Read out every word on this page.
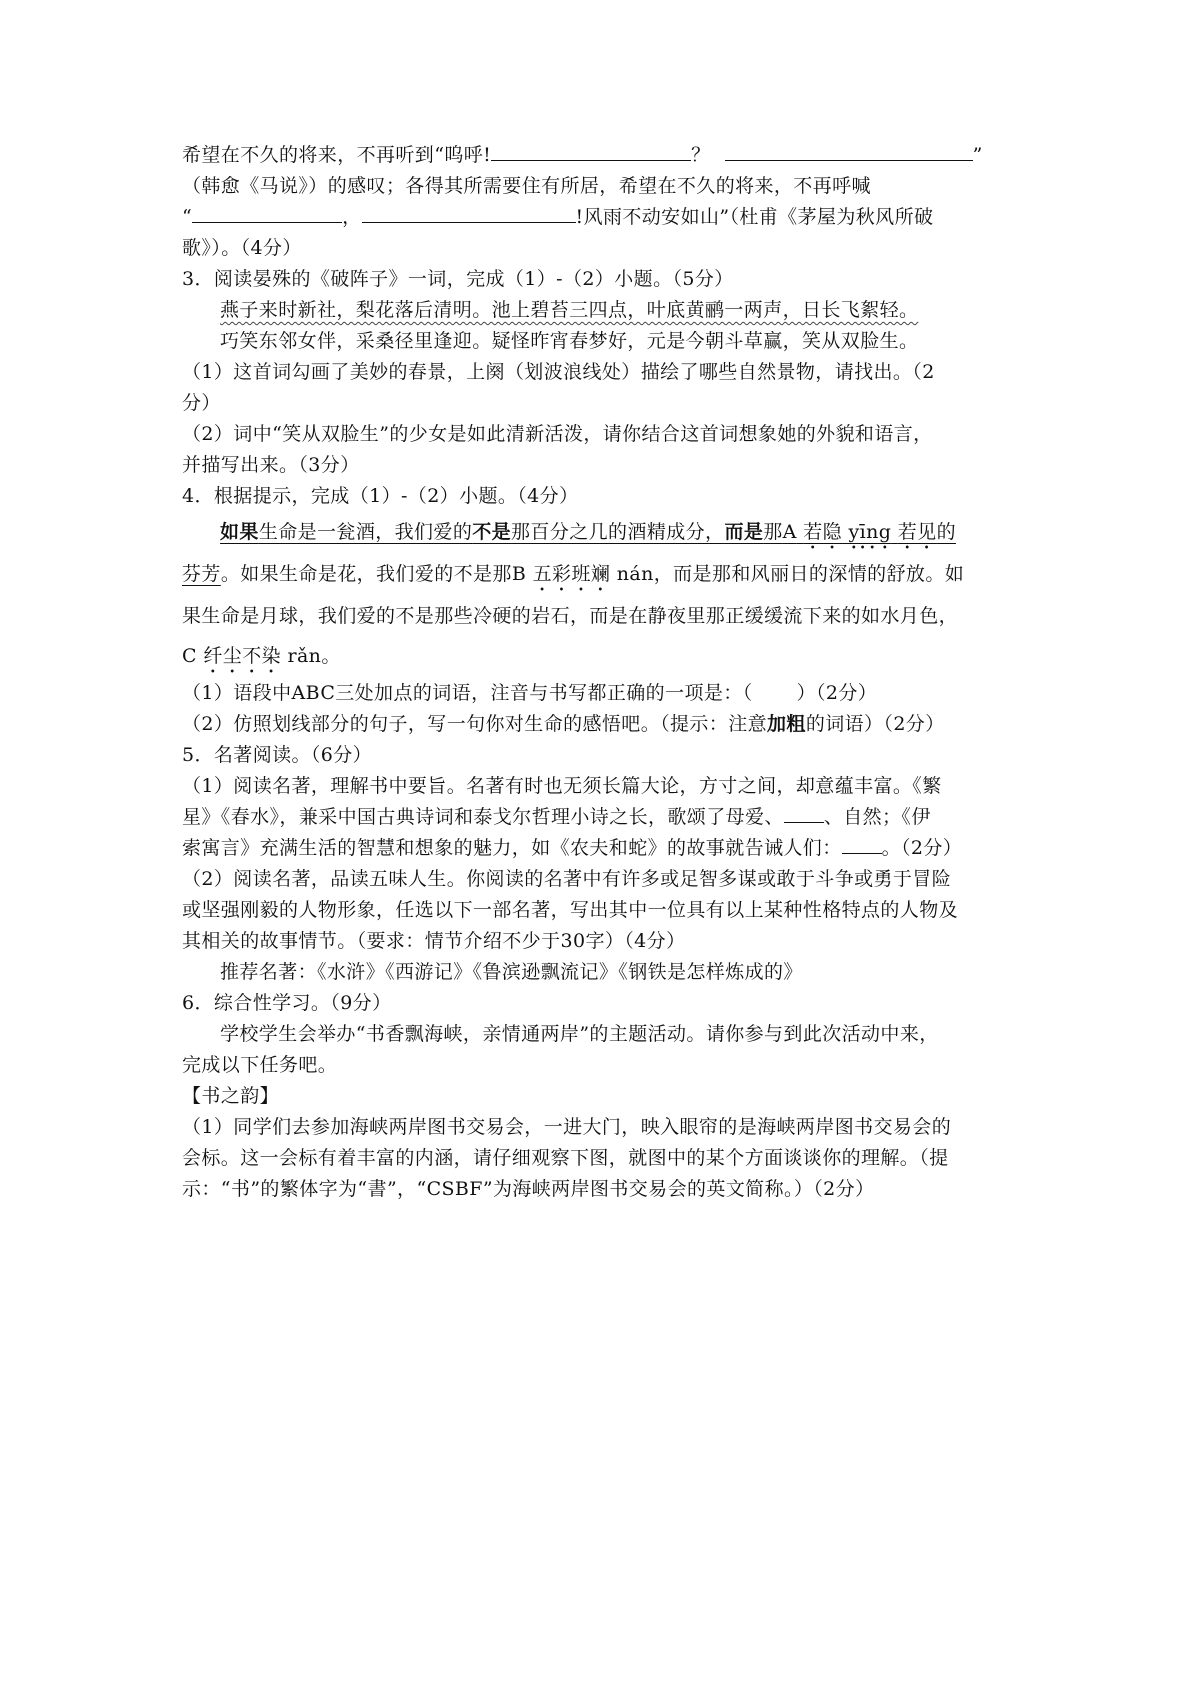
希望在不久的将来，不再听到“呜呼!	？	”
（韩愈《马说》）的感叹；各得其所需要住有所居，希望在不久的将来，不再呼喊
“	，	!风雨不动安如山”（杜甫《茅屋为秋风所破
歌》）。（4分）
3．阅读晏殊的《破阵子》一词，完成（1）-（2）小题。（5分）
燕子来时新社，梨花落后清明。池上碧苔三四点，叶底黄鹂一两声，日长飞絮轻。
巧笑东邻女伴，采桑径里逢迎。疑怪昨宵春梦好，元是今朝斗草赢，笑从双脸生。
（1）这首词勾画了美妙的春景，上阕（划波浪线处）描绘了哪些自然景物，请找出。（2
分）
（2）词中“笑从双脸生”的少女是如此清新活泼，请你结合这首词想象她的外貌和语言，
并描写出来。（3分）
4．根据提示，完成（1）-（2）小题。（4分）
如果生命是一瓮酒，我们爱的不是那百分之几的酒精成分，而是那A 若隐 yīng 若见的
芬芳。如果生命是花，我们爱的不是那B 五彩班斓 nán，而是那和风丽日的深情的舒放。如
果生命是月球，我们爱的不是那些冷硬的岩石，而是在静夜里那正缓缓流下来的如水月色，
C 纤尘不染 rǎn。
（1）语段中ABC三处加点的词语，注音与书写都正确的一项是：（ ）（2分）
（2）仿照划线部分的句子，写一句你对生命的感悟吧。（提示：注意加粗的词语）（2分）
5．名著阅读。（6分）
（1）阅读名著，理解书中要旨。名著有时也无须长篇大论，方寸之间，却意蕴丰富。《繁
星》《春水》，兼采中国古典诗词和泰戈尔哲理小诗之长，歌颂了母爱、 、自然；《伊
索寓言》充满生活的智慧和想象的魅力，如《农夫和蛇》的故事就告诫人们： 。（2分）
（2）阅读名著，品读五味人生。你阅读的名著中有许多或足智多谋或敢于斗争或勇于冒险
或坚强刚毅的人物形象，任选以下一部名著，写出其中一位具有以上某种性格特点的人物及
其相关的故事情节。（要求：情节介绍不少于30字）（4分）
推荐名著：《水浒》《西游记》《鲁滨逊飘流记》《钢铁是怎样炼成的》
6．综合性学习。（9分）
学校学生会举办“书香飘海峡，亲情通两岸”的主题活动。请你参与到此次活动中来，
完成以下任务吧。
【书之韵】
（1）同学们去参加海峡两岸图书交易会，一进大门，映入眼帘的是海峡两岸图书交易会的
会标。这一会标有着丰富的内涵，请仔细观察下图，就图中的某个方面谈谈你的理解。（提
示：“书”的繁体字为“書”，“CSBF”为海峡两岸图书交易会的英文简称。）（2分）
